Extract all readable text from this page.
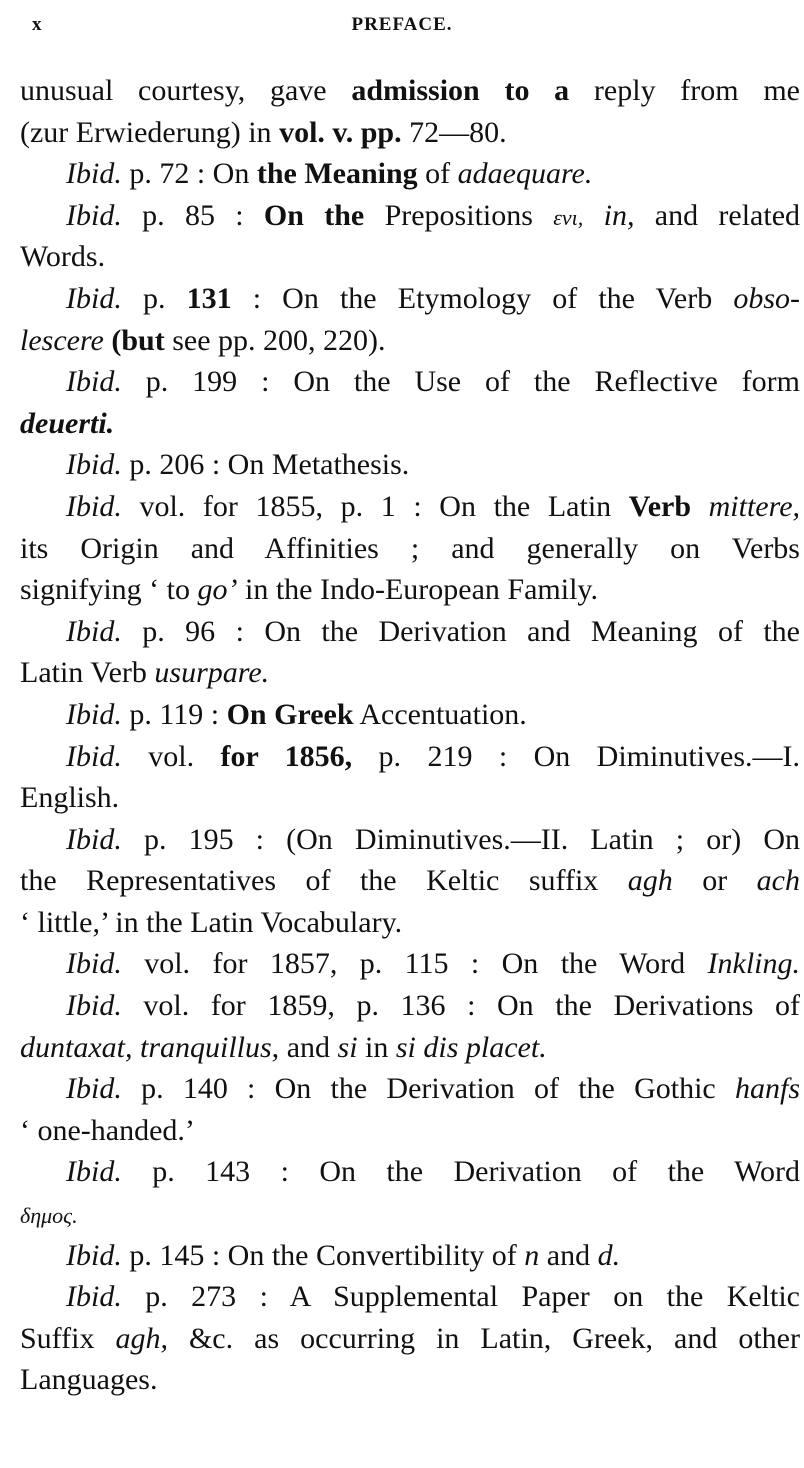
x	PREFACE.
unusual courtesy, gave admission to a reply from me
(zur Erwiederung) in vol. v. pp. 72—80.
Ibid. p. 72 : On the Meaning of adaequare.
Ibid. p. 85 : On the Prepositions ενι, in, and related
Words.
Ibid. p. 131 : On the Etymology of the Verb obso-
lescere (but see pp. 200, 220).
Ibid. p. 199 : On the Use of the Reflective form
deuerti.
Ibid. p. 206 : On Metathesis.
Ibid. vol. for 1855, p. 1 : On the Latin Verb mittere,
its Origin and Affinities ; and generally on Verbs
signifying ‘ to go’ in the Indo-European Family.
Ibid. p. 96 : On the Derivation and Meaning of the
Latin Verb usurpare.
Ibid. p. 119 : On Greek Accentuation.
Ibid. vol. for 1856, p. 219 : On Diminutives.—I.
English.
Ibid. p. 195 : (On Diminutives.—II. Latin ; or) On
the Representatives of the Keltic suffix agh or ach
‘ little,’ in the Latin Vocabulary.
Ibid. vol. for 1857, p. 115 : On the Word Inkling.
Ibid. vol. for 1859, p. 136 : On the Derivations of
duntaxat, tranquillus, and si in si dis placet.
Ibid. p. 140 : On the Derivation of the Gothic hanfs
‘ one-handed.’
Ibid. p. 143 : On the Derivation of the Word
δημος.
Ibid. p. 145 : On the Convertibility of n and d.
Ibid. p. 273 : A Supplemental Paper on the Keltic
Suffix agh, &c. as occurring in Latin, Greek, and other
Languages.
